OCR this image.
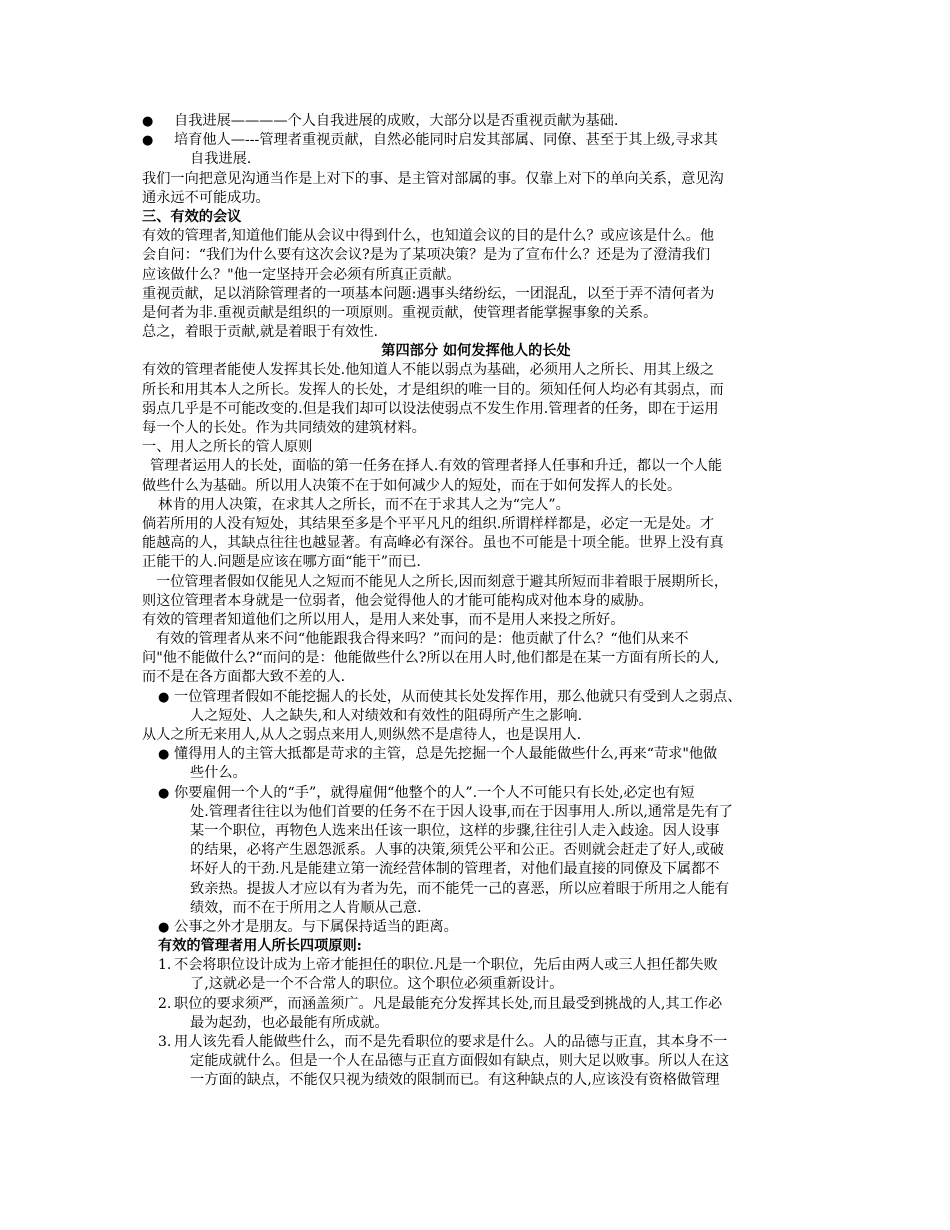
● 自我进展————个人自我进展的成败，大部分以是否重视贡献为基础.
● 培育他人—---管理者重视贡献，自然必能同时启发其部属、同僚、甚至于其上级,寻求其
自我进展.
我们一向把意见沟通当作是上对下的事、是主管对部属的事。仅靠上对下的单向关系，意见沟
通永远不可能成功。
三、有效的会议
有效的管理者,知道他们能从会议中得到什么，也知道会议的目的是什么？或应该是什么。他
会自问：“我们为什么要有这次会议?是为了某项决策？是为了宣布什么？还是为了澄清我们
应该做什么？"他一定坚持开会必须有所真正贡献。
重视贡献，足以消除管理者的一项基本问题:遇事头绪纷纭，一团混乱，以至于弄不清何者为
是何者为非.重视贡献是组织的一项原则。重视贡献，使管理者能掌握事象的关系。
总之，着眼于贡献,就是着眼于有效性.
第四部分 如何发挥他人的长处
有效的管理者能使人发挥其长处.他知道人不能以弱点为基础，必须用人之所长、用其上级之
所长和用其本人之所长。发挥人的长处，才是组织的唯一目的。须知任何人均必有其弱点，而
弱点几乎是不可能改变的.但是我们却可以设法使弱点不发生作用.管理者的任务，即在于运用
每一个人的长处。作为共同绩效的建筑材料。
一、用人之所长的管人原则
管理者运用人的长处，面临的第一任务在择人.有效的管理者择人任事和升迁，都以一个人能
做些什么为基础。所以用人决策不在于如何减少人的短处，而在于如何发挥人的长处。
林肯的用人决策，在求其人之所长，而不在于求其人之为“完人”。
倘若所用的人没有短处，其结果至多是个平平凡凡的组织.所谓样样都是，必定一无是处。才
能越高的人，其缺点往往也越显著。有高峰必有深谷。虽也不可能是十项全能。世界上没有真
正能干的人.问题是应该在哪方面“能干”而已.
一位管理者假如仅能见人之短而不能见人之所长,因而刻意于避其所短而非着眼于展期所长，
则这位管理者本身就是一位弱者，他会觉得他人的才能可能构成对他本身的威胁。
有效的管理者知道他们之所以用人，是用人来处事，而不是用人来投之所好。
有效的管理者从来不问“他能跟我合得来吗？”而问的是：他贡献了什么？“他们从来不
问"他不能做什么?“而问的是：他能做些什么?所以在用人时,他们都是在某一方面有所长的人,
而不是在各方面都大致不差的人.
● 一位管理者假如不能挖掘人的长处，从而使其长处发挥作用，那么他就只有受到人之弱点、
人之短处、人之缺失,和人对绩效和有效性的阻碍所产生之影响.
从人之所无来用人,从人之弱点来用人,则纵然不是虐待人，也是误用人.
● 懂得用人的主管大抵都是苛求的主管，总是先挖掘一个人最能做些什么,再来“苛求"他做
些什么。
● 你要雇佣一个人的“手”，就得雇佣“他整个的人”.一个人不可能只有长处,必定也有短
处.管理者往往以为他们首要的任务不在于因人设事,而在于因事用人.所以,通常是先有了
某一个职位，再物色人选来出任该一职位，这样的步骤,往往引人走入歧途。因人设事
的结果，必将产生恩怨派系。人事的决策,须凭公平和公正。否则就会赶走了好人,或破
坏好人的干劲.凡是能建立第一流经营体制的管理者，对他们最直接的同僚及下属都不
致亲热。提拔人才应以有为者为先，而不能凭一己的喜恶，所以应着眼于所用之人能有
绩效，而不在于所用之人肯顺从己意.
● 公事之外才是朋友。与下属保持适当的距离。
有效的管理者用人所长四项原则:
1. 不会将职位设计成为上帝才能担任的职位.凡是一个职位，先后由两人或三人担任都失败
了,这就必是一个不合常人的职位。这个职位必须重新设计。
2. 职位的要求须严，而涵盖须广。凡是最能充分发挥其长处,而且最受到挑战的人,其工作必
最为起劲，也必最能有所成就。
3. 用人该先看人能做些什么，而不是先看职位的要求是什么。人的品德与正直，其本身不一
定能成就什么。但是一个人在品德与正直方面假如有缺点，则大足以败事。所以人在这
一方面的缺点，不能仅只视为绩效的限制而已。有这种缺点的人,应该没有资格做管理
